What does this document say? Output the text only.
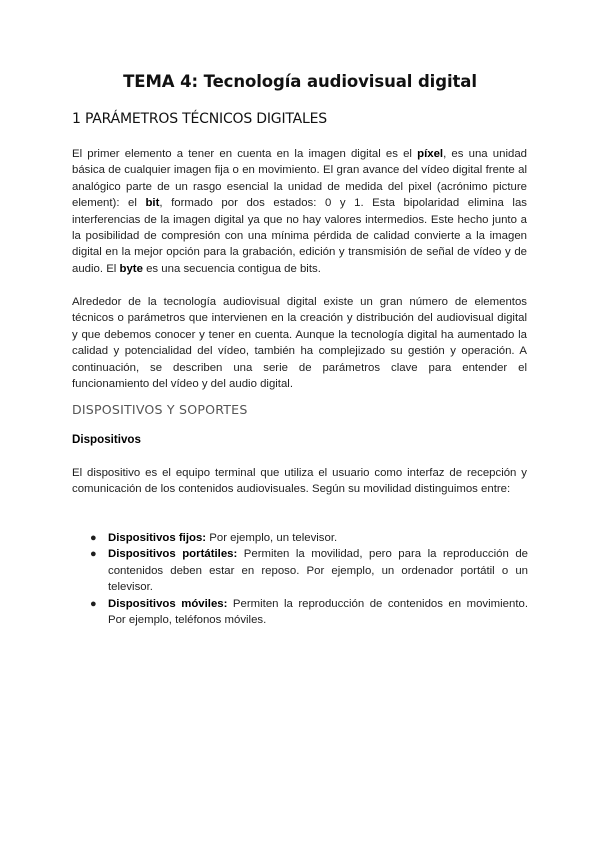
TEMA 4: Tecnología audiovisual digital
1 PARÁMETROS TÉCNICOS DIGITALES

El primer elemento a tener en cuenta en la imagen digital es el píxel, es una unidad básica de cualquier imagen fija o en movimiento. El gran avance del vídeo digital frente al analógico parte de un rasgo esencial la unidad de medida del pixel (acrónimo picture element): el bit, formado por dos estados: 0 y 1. Esta bipolaridad elimina las interferencias de la imagen digital ya que no hay valores intermedios. Este hecho junto a la posibilidad de compresión con una mínima pérdida de calidad convierte a la imagen digital en la mejor opción para la grabación, edición y transmisión de señal de vídeo y de audio. El byte es una secuencia contigua de bits.

Alrededor de la tecnología audiovisual digital existe un gran número de elementos técnicos o parámetros que intervienen en la creación y distribución del audiovisual digital y que debemos conocer y tener en cuenta. Aunque la tecnología digital ha aumentado la calidad y potencialidad del vídeo, también ha complejizado su gestión y operación. A continuación, se describen una serie de parámetros clave para entender el funcionamiento del vídeo y del audio digital.

DISPOSITIVOS Y SOPORTES
Dispositivos

El dispositivo es el equipo terminal que utiliza el usuario como interfaz de recepción y comunicación de los contenidos audiovisuales. Según su movilidad distinguimos entre:

● Dispositivos fijos: Por ejemplo, un televisor.
● Dispositivos portátiles: Permiten la movilidad, pero para la reproducción de contenidos deben estar en reposo. Por ejemplo, un ordenador portátil o un televisor.
● Dispositivos móviles: Permiten la reproducción de contenidos en movimiento. Por ejemplo, teléfonos móviles.
